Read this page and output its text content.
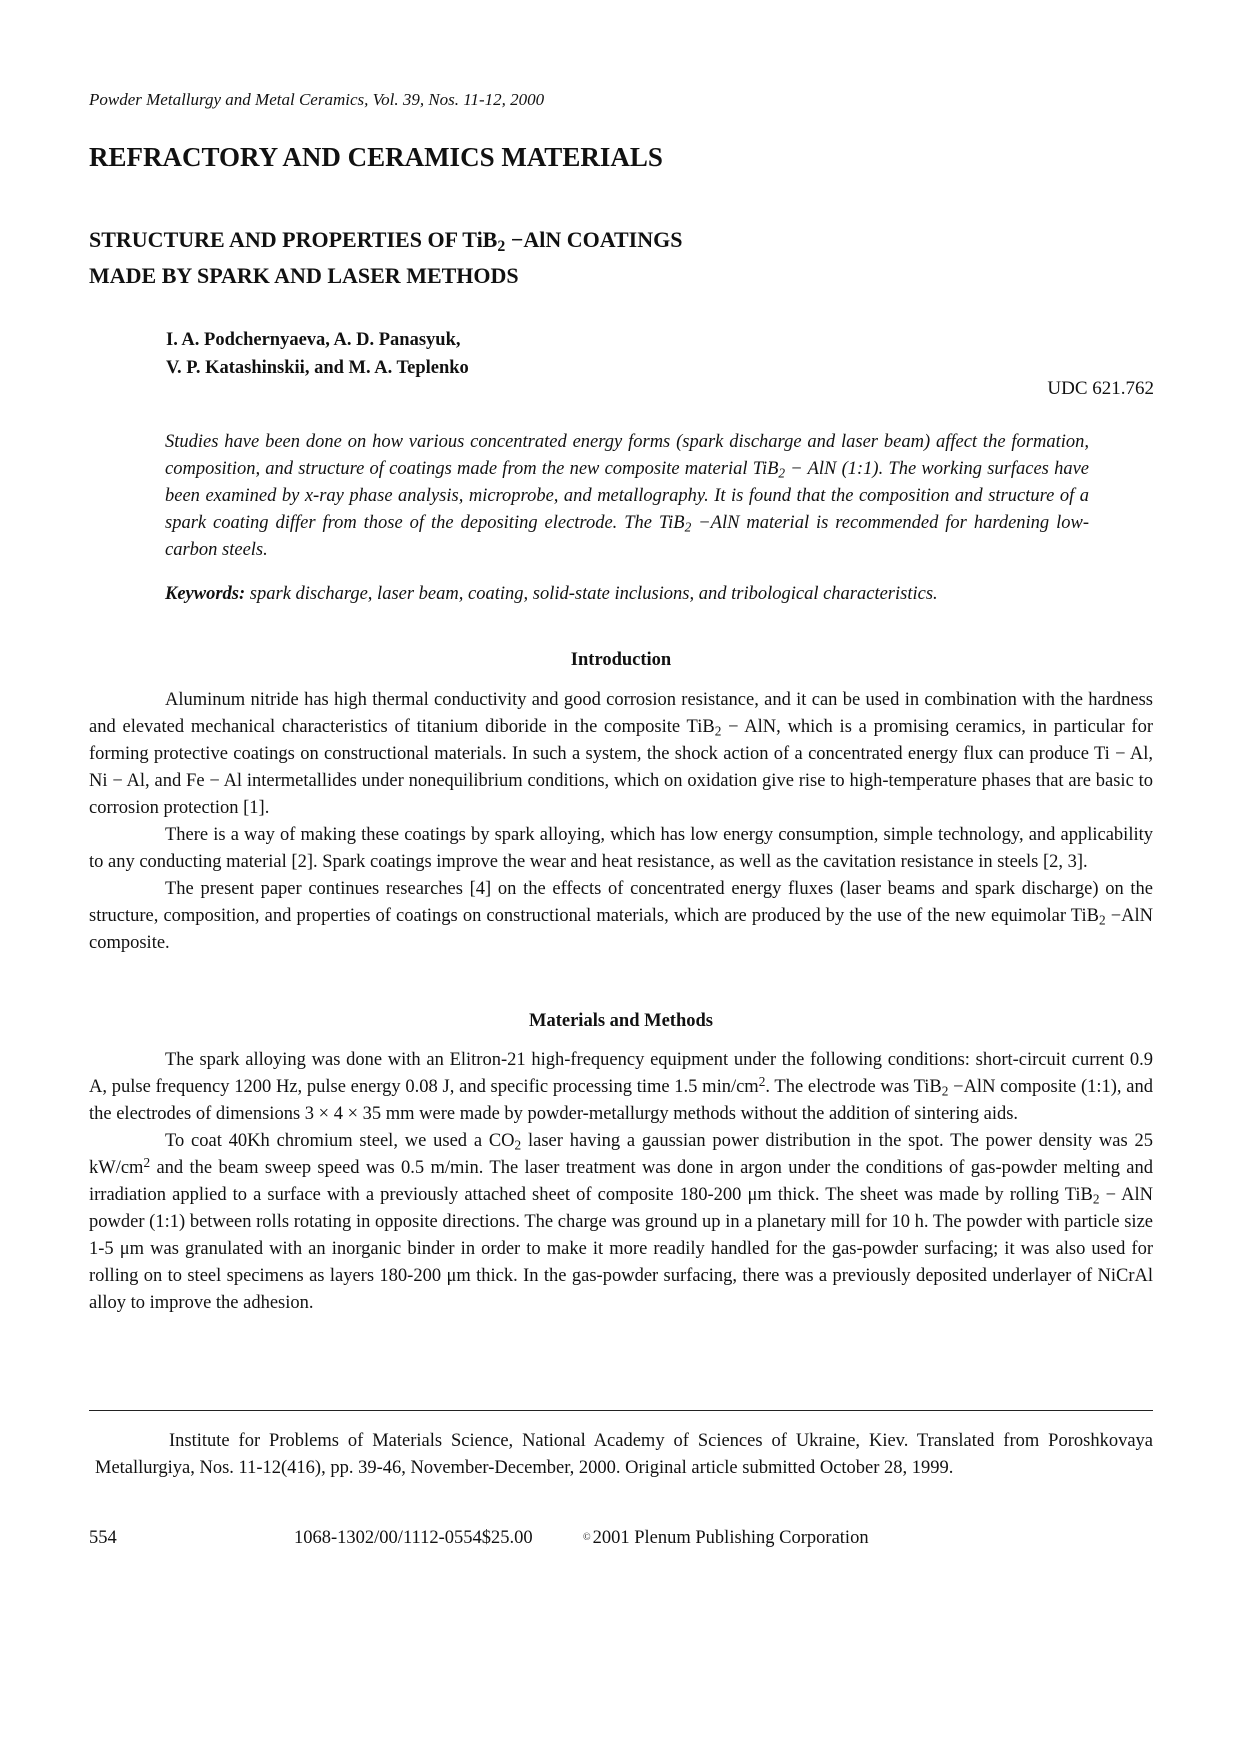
Powder Metallurgy and Metal Ceramics, Vol. 39, Nos. 11-12, 2000
REFRACTORY AND CERAMICS MATERIALS
STRUCTURE AND PROPERTIES OF TiB$_2$ −AlN COATINGS
MADE BY SPARK AND LASER METHODS
I. A. Podchernyaeva, A. D. Panasyuk,
V. P. Katashinskii, and M. A. Teplenko
UDC 621.762
Studies have been done on how various concentrated energy forms (spark discharge and laser beam) affect the formation, composition, and structure of coatings made from the new composite material TiB$_2$ − AlN (1:1). The working surfaces have been examined by x-ray phase analysis, microprobe, and metallography. It is found that the composition and structure of a spark coating differ from those of the depositing electrode. The TiB$_2$ −AlN material is recommended for hardening low-carbon steels.
Keywords: spark discharge, laser beam, coating, solid-state inclusions, and tribological characteristics.
Introduction

Aluminum nitride has high thermal conductivity and good corrosion resistance, and it can be used in combination with the hardness and elevated mechanical characteristics of titanium diboride in the composite TiB$_2$ − AlN, which is a promising ceramics, in particular for forming protective coatings on constructional materials. In such a system, the shock action of a concentrated energy flux can produce Ti − Al, Ni − Al, and Fe − Al intermetallides under nonequilibrium conditions, which on oxidation give rise to high-temperature phases that are basic to corrosion protection [1].

There is a way of making these coatings by spark alloying, which has low energy consumption, simple technology, and applicability to any conducting material [2]. Spark coatings improve the wear and heat resistance, as well as the cavitation resistance in steels [2, 3].

The present paper continues researches [4] on the effects of concentrated energy fluxes (laser beams and spark discharge) on the structure, composition, and properties of coatings on constructional materials, which are produced by the use of the new equimolar TiB$_2$ −AlN composite.

Materials and Methods

The spark alloying was done with an Elitron-21 high-frequency equipment under the following conditions: short-circuit current 0.9 A, pulse frequency 1200 Hz, pulse energy 0.08 J, and specific processing time 1.5 $\min/cm^2$. The electrode was TiB$_2$ −AlN composite (1:1), and the electrodes of dimensions 3 × 4 × 35 mm were made by powder-metallurgy methods without the addition of sintering aids.

To coat 40Kh chromium steel, we used a $CO_2$ laser having a gaussian power distribution in the spot. The power density was 25 $kW/cm^2$ and the beam sweep speed was 0.5 m/min. The laser treatment was done in argon under the conditions of gas-powder melting and irradiation applied to a surface with a previously attached sheet of composite 180-200 μm thick. The sheet was made by rolling TiB$_2$ − AlN powder (1:1) between rolls rotating in opposite directions. The charge was ground up in a planetary mill for 10 h. The powder with particle size 1-5 μm was granulated with an inorganic binder in order to make it more readily handled for the gas-powder surfacing; it was also used for rolling on to steel specimens as layers 180-200 μm thick. In the gas-powder surfacing, there was a previously deposited underlayer of NiCrAl alloy to improve the adhesion.

Institute for Problems of Materials Science, National Academy of Sciences of Ukraine, Kiev. Translated from Poroshkovaya Metallurgiya, Nos. 11-12(416), pp. 39-46, November-December, 2000. Original article submitted October 28, 1999.

554	1068-1302/00/1112-0554$25.00	© 2001 Plenum Publishing Corporation
